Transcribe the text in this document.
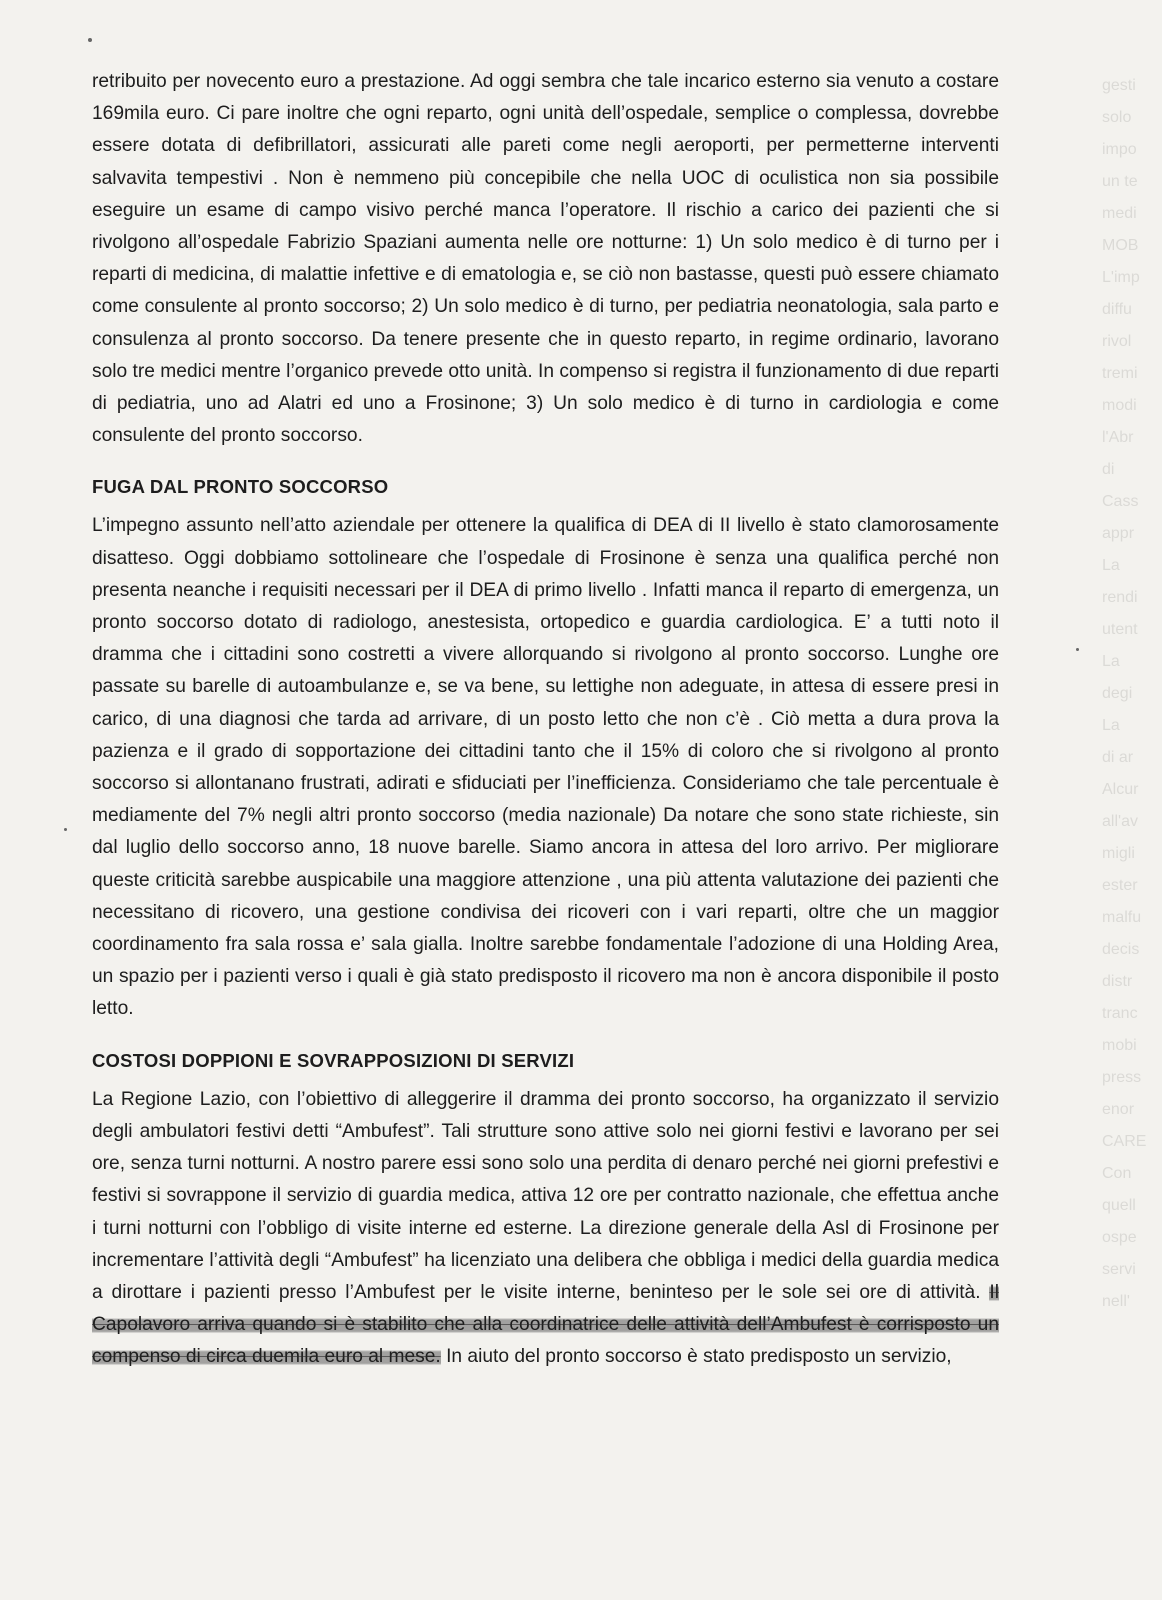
gesti
solo
impo
un te
medi
MOB
L'imp
diffu
rivol
tremi
modi
l'Abr
di
Cass
appr
La
rendi
utent
La
degi
La
di ar
Alcur
all'av
migli
ester
malfu
decis
distr
tranc
mobi
press
enor
CARE
Con
quell
ospe
servi
nell'

retribuito per novecento euro a prestazione. Ad oggi sembra che tale incarico esterno sia venuto a costare 169mila euro. Ci pare inoltre che ogni reparto, ogni unità dell’ospedale, semplice o complessa, dovrebbe essere dotata di defibrillatori, assicurati alle pareti come negli aeroporti, per permetterne interventi salvavita tempestivi . Non è nemmeno più concepibile che nella UOC di oculistica non sia possibile eseguire un esame di campo visivo perché manca l’operatore. Il rischio a carico dei pazienti che si rivolgono all’ospedale Fabrizio Spaziani aumenta nelle ore notturne: 1) Un solo medico è di turno per i reparti di medicina, di malattie infettive e di ematologia e, se ciò non bastasse, questi può essere chiamato come consulente al pronto soccorso; 2) Un solo medico è di turno, per pediatria neonatologia, sala parto e consulenza al pronto soccorso. Da tenere presente che in questo reparto, in regime ordinario, lavorano solo tre medici mentre l’organico prevede otto unità. In compenso si registra il funzionamento di due reparti di pediatria, uno ad Alatri ed uno a Frosinone; 3) Un solo medico è di turno in cardiologia e come consulente del pronto soccorso.

FUGA DAL PRONTO SOCCORSO

L’impegno assunto nell’atto aziendale per ottenere la qualifica di DEA di II livello è stato clamorosamente disatteso. Oggi dobbiamo sottolineare che l’ospedale di Frosinone è senza una qualifica perché non presenta neanche i requisiti necessari per il DEA di primo livello . Infatti manca il reparto di emergenza, un pronto soccorso dotato di radiologo, anestesista, ortopedico e guardia cardiologica. E’ a tutti noto il dramma che i cittadini sono costretti a vivere allorquando si rivolgono al pronto soccorso. Lunghe ore passate su barelle di autoambulanze e, se va bene, su lettighe non adeguate, in attesa di essere presi in carico, di una diagnosi che tarda ad arrivare, di un posto letto che non c’è . Ciò metta a dura prova la pazienza e il grado di sopportazione dei cittadini tanto che il 15% di coloro che si rivolgono al pronto soccorso si allontanano frustrati, adirati e sfiduciati per l’inefficienza. Consideriamo che tale percentuale è mediamente del 7% negli altri pronto soccorso (media nazionale) Da notare che sono state richieste, sin dal luglio dello soccorso anno, 18 nuove barelle. Siamo ancora in attesa del loro arrivo. Per migliorare queste criticità sarebbe auspicabile una maggiore attenzione , una più attenta valutazione dei pazienti che necessitano di ricovero, una gestione condivisa dei ricoveri con i vari reparti, oltre che un maggior coordinamento fra sala rossa e’ sala gialla. Inoltre sarebbe fondamentale l’adozione di una Holding Area, un spazio per i pazienti verso i quali è già stato predisposto il ricovero ma non è ancora disponibile il posto letto.

COSTOSI DOPPIONI E SOVRAPPOSIZIONI DI SERVIZI

La Regione Lazio, con l’obiettivo di alleggerire il dramma dei pronto soccorso, ha organizzato il servizio degli ambulatori festivi detti “Ambufest”. Tali strutture sono attive solo nei giorni festivi e lavorano per sei ore, senza turni notturni. A nostro parere essi sono solo una perdita di denaro perché nei giorni prefestivi e festivi si sovrappone il servizio di guardia medica, attiva 12 ore per contratto nazionale, che effettua anche i turni notturni con l’obbligo di visite interne ed esterne. La direzione generale della Asl di Frosinone per incrementare l’attività degli “Ambufest” ha licenziato una delibera che obbliga i medici della guardia medica a dirottare i pazienti presso l’Ambufest per le visite interne, beninteso per le sole sei ore di attività. Il Capolavoro arriva quando si è stabilito che alla coordinatrice delle attività dell’Ambufest è corrisposto un compenso di circa duemila euro al mese. In aiuto del pronto soccorso è stato predisposto un servizio,
